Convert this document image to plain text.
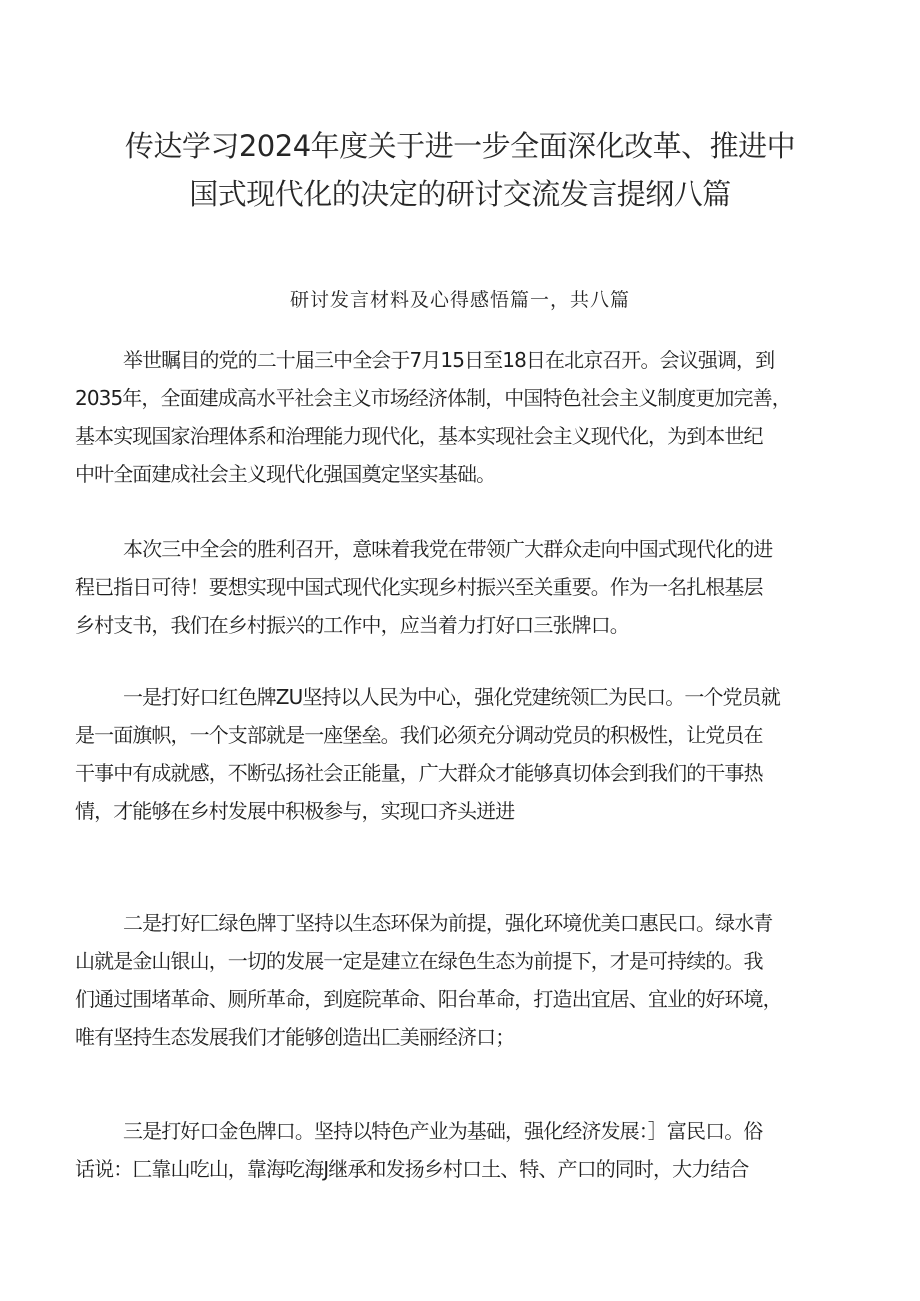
传达学习2024年度关于进一步全面深化改革、推进中
国式现代化的决定的研讨交流发言提纲八篇
研讨发言材料及心得感悟篇一，共八篇
举世瞩目的党的二十届三中全会于7月15日至18日在北京召开。会议强调，到
2035年，全面建成高水平社会主义市场经济体制，中国特色社会主义制度更加完善，
基本实现国家治理体系和治理能力现代化，基本实现社会主义现代化，为到本世纪
中叶全面建成社会主义现代化强国奠定坚实基础。
本次三中全会的胜利召开，意味着我党在带领广大群众走向中国式现代化的进
程已指日可待！要想实现中国式现代化实现乡村振兴至关重要。作为一名扎根基层
乡村支书，我们在乡村振兴的工作中，应当着力打好口三张牌口。
一是打好口红色牌ZU坚持以人民为中心，强化党建统领匚为民口。一个党员就
是一面旗帜，一个支部就是一座堡垒。我们必须充分调动党员的积极性，让党员在
干事中有成就感，不断弘扬社会正能量，广大群众才能够真切体会到我们的干事热
情，才能够在乡村发展中积极参与，实现口齐头迸进
二是打好匚绿色牌丁坚持以生态环保为前提，强化环境优美口惠民口。绿水青
山就是金山银山，一切的发展一定是建立在绿色生态为前提下，才是可持续的。我
们通过围堵革命、厕所革命，到庭院革命、阳台革命，打造出宜居、宜业的好环境，
唯有坚持生态发展我们才能够创造出匚美丽经济口；
三是打好口金色牌口。坚持以特色产业为基础，强化经济发展：］富民口。俗
话说：匚靠山吃山，靠海吃海J继承和发扬乡村口土、特、产口的同时，大力结合
